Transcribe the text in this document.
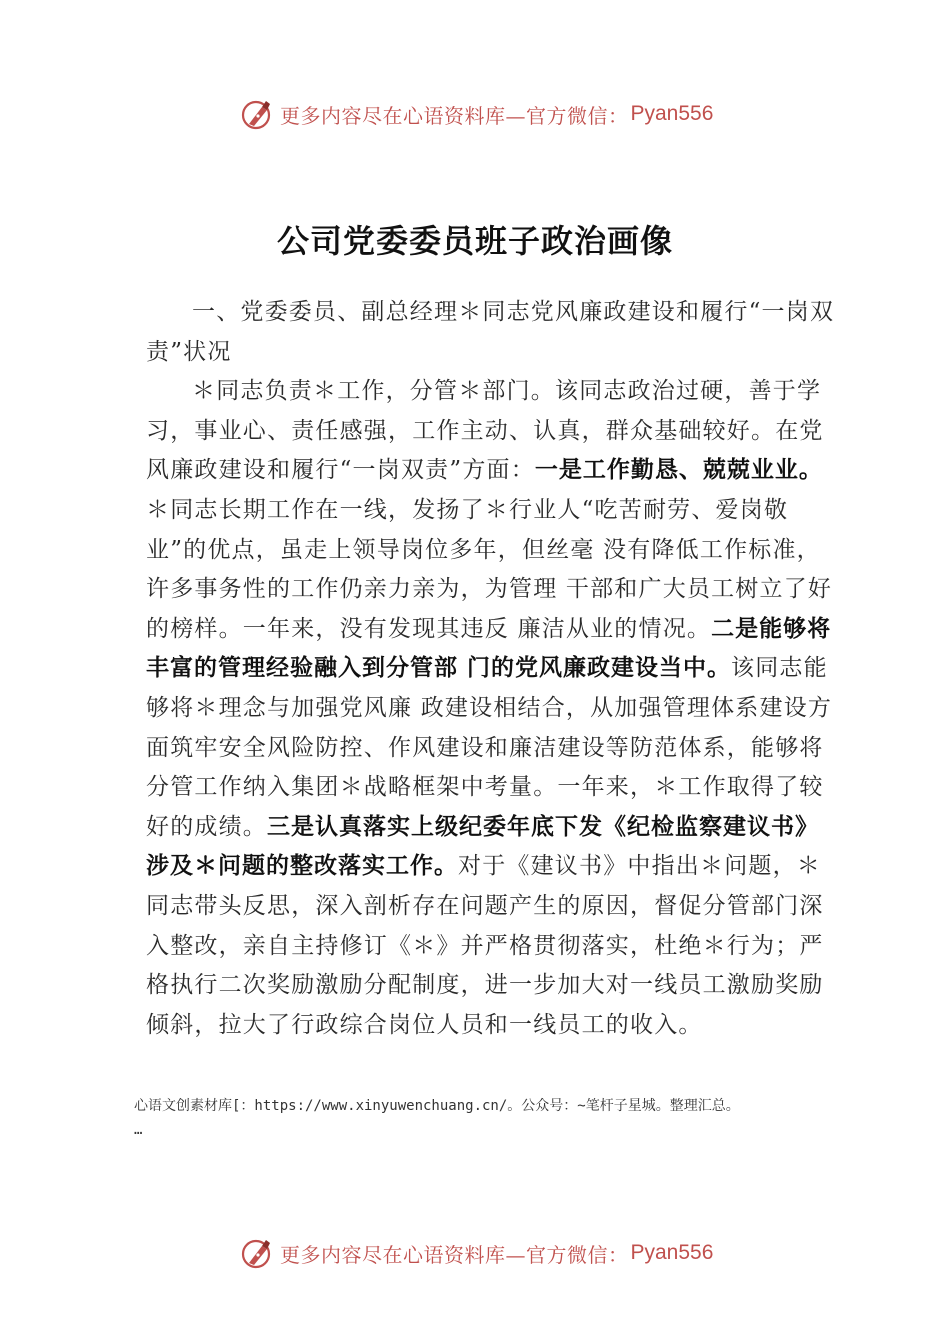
更多内容尽在心语资料库—官方微信： Pyan556
公司党委委员班子政治画像

一、党委委员、副总经理＊同志党风廉政建设和履行“一岗双责”状况

＊同志负责＊工作，分管＊部门。该同志政治过硬，善于学习，事业心、责任感强，工作主动、认真，群众基础较好。在党风廉政建设和履行“一岗双责”方面：一是工作勤恳、兢兢业业。＊同志长期工作在一线，发扬了＊行业人“吃苦耐劳、爱岗敬业”的优点，虽走上领导岗位多年，但丝毫 没有降低工作标准，许多事务性的工作仍亲力亲为，为管理 干部和广大员工树立了好的榜样。一年来，没有发现其违反 廉洁从业的情况。二是能够将丰富的管理经验融入到分管部 门的党风廉政建设当中。该同志能够将＊理念与加强党风廉 政建设相结合，从加强管理体系建设方面筑牢安全风险防控、作风建设和廉洁建设等防范体系，能够将分管工作纳入集团＊战略框架中考量。一年来，＊工作取得了较好的成绩。三是认真落实上级纪委年底下发《纪检监察建议书》涉及＊问题的整改落实工作。对于《建议书》中指出＊问题，＊同志带头反思，深入剖析存在问题产生的原因，督促分管部门深入整改，亲自主持修订《＊》并严格贯彻落实，杜绝＊行为；严格执行二次奖励激励分配制度，进一步加大对一线员工激励奖励倾斜，拉大了行政综合岗位人员和一线员工的收入。

心语文创素材库[：https://www.xinyuwenchuang.cn/。公众号：~笔杆子星城。整理汇总。
…
更多内容尽在心语资料库—官方微信： Pyan556
